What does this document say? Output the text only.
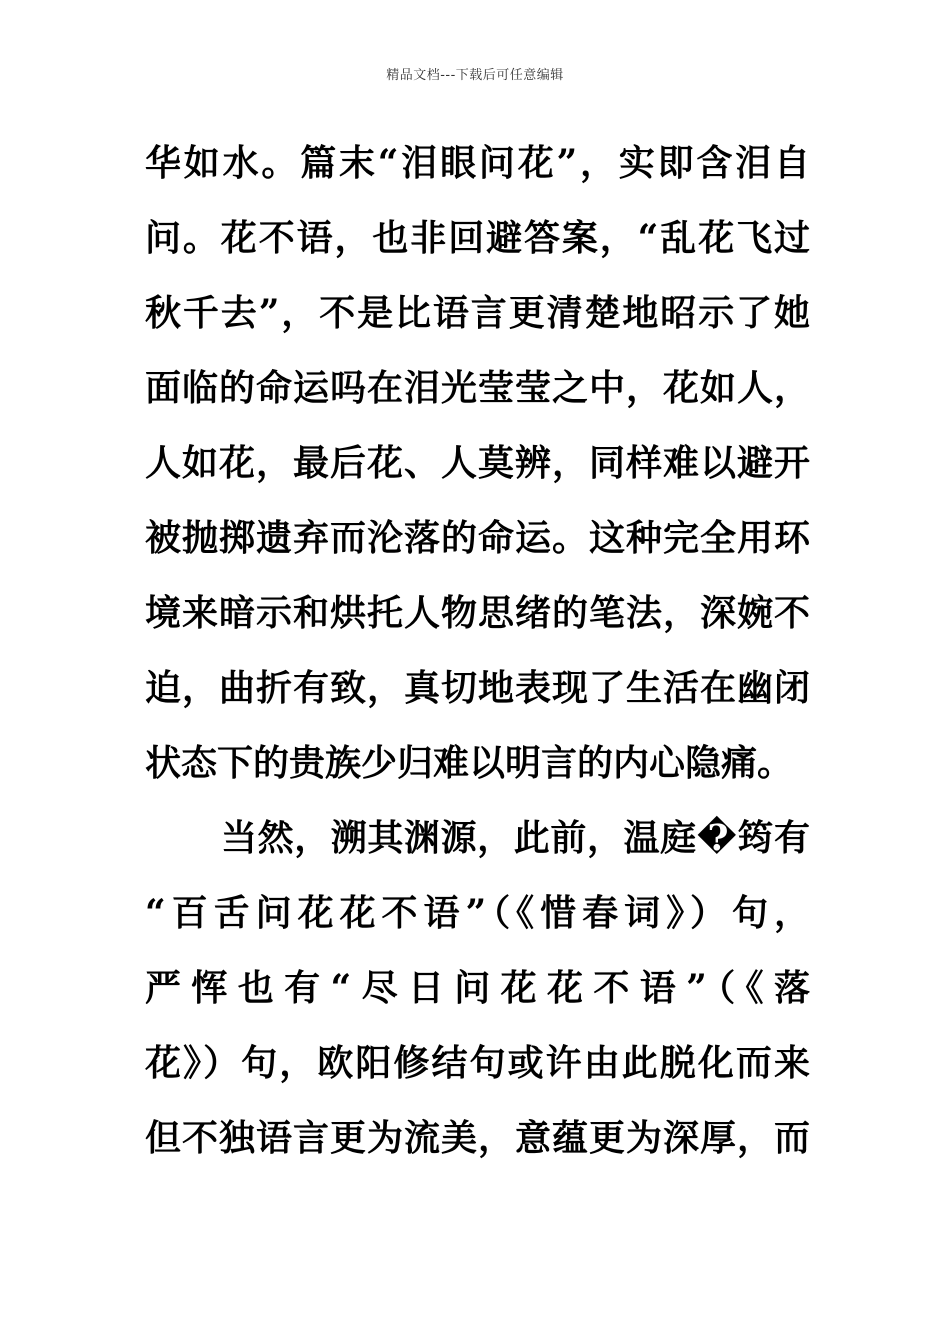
精品文档---下载后可任意编辑
华如水。篇末“泪眼问花”，实即含泪自
问。花不语，也非回避答案，“乱花飞过
秋千去”，不是比语言更清楚地昭示了她
面临的命运吗在泪光莹莹之中，花如人，
人如花，最后花、人莫辨，同样难以避开
被抛掷遗弃而沦落的命运。这种完全用环
境来暗示和烘托人物思绪的笔法，深婉不
迫，曲折有致，真切地表现了生活在幽闭
状态下的贵族少归难以明言的内心隐痛。
当然，溯其渊源，此前，温庭�筠有
“百舌问花花不语”（《惜春词》）句，
严恽也有“尽日问花花不语”（《落
花》）句，欧阳修结句或许由此脱化而来
但不独语言更为流美，意蕴更为深厚，而
